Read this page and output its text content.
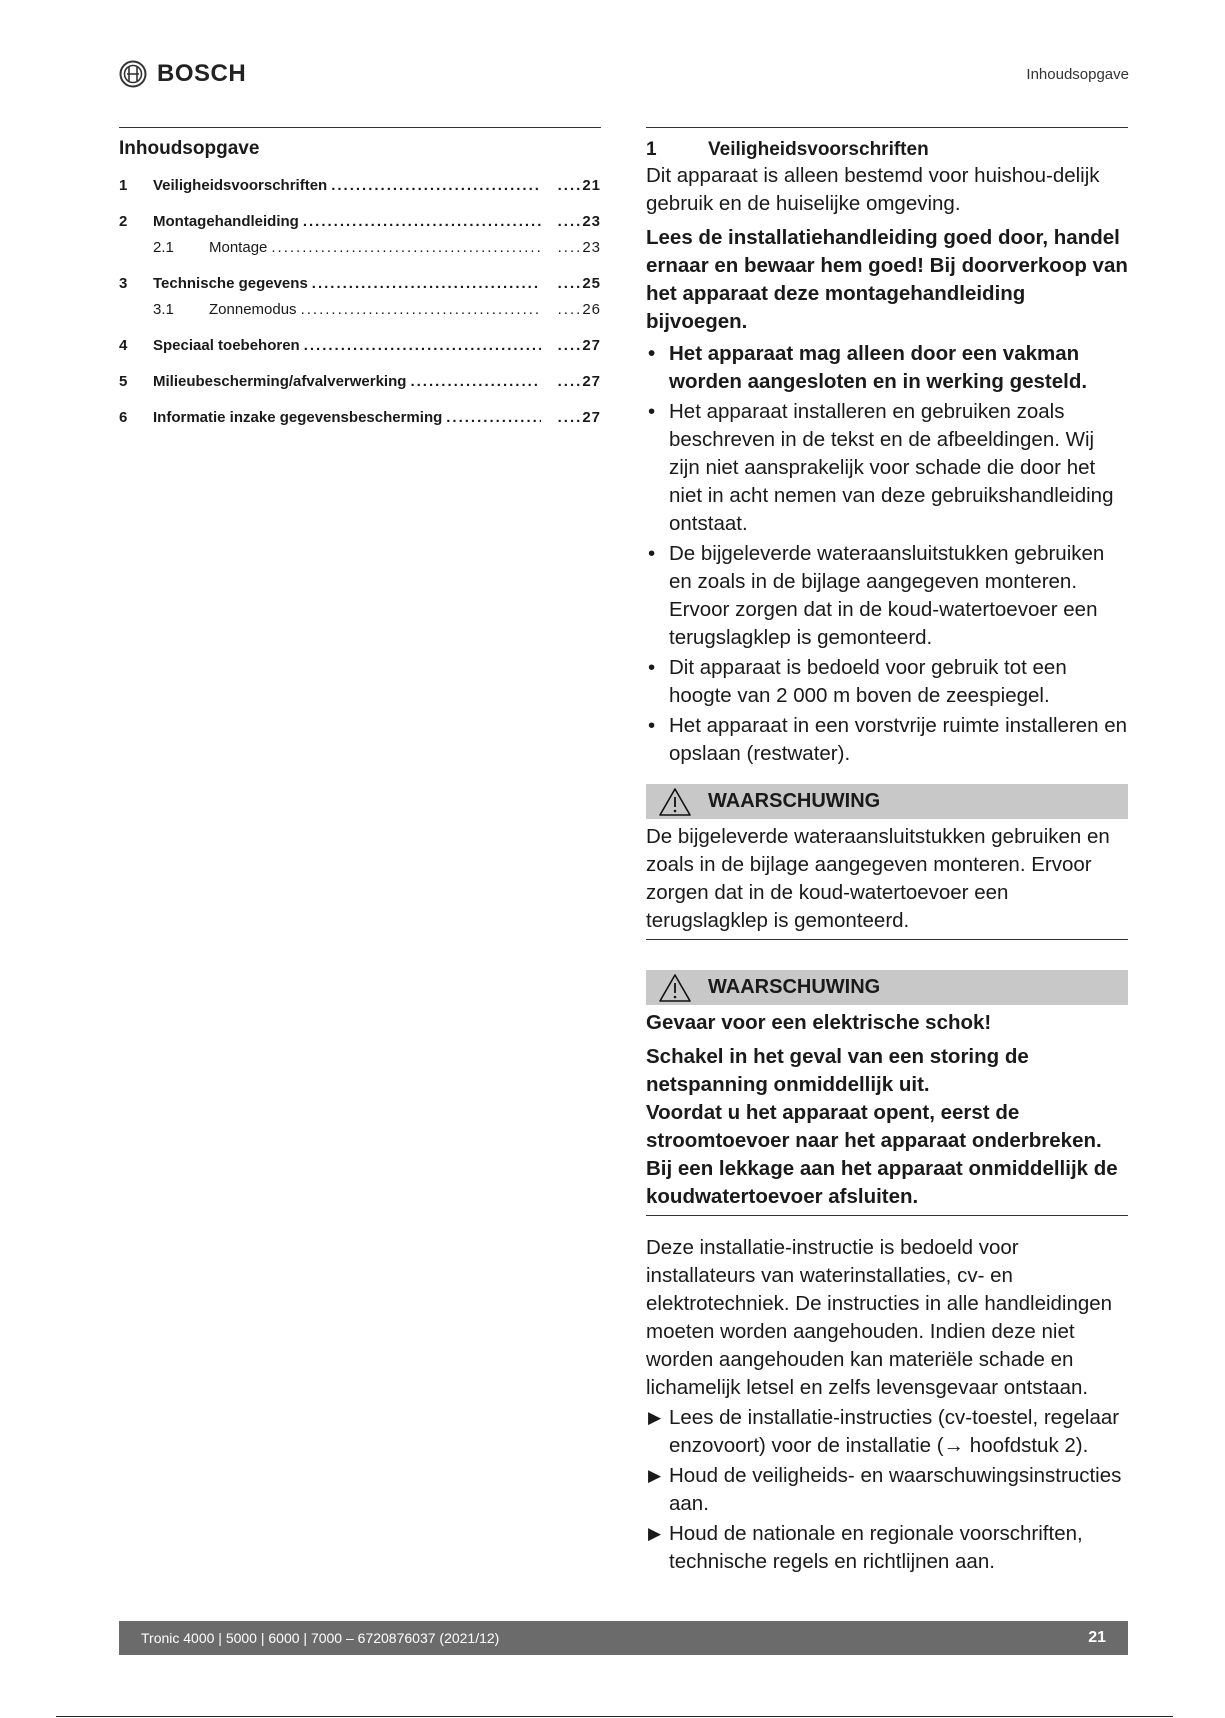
BOSCH	Inhoudsopgave
Inhoudsopgave
1	Veiligheidsvoorschriften .....	.... 21
2	Montagehandleiding .....	.... 23
2.1	Montage .....	.... 23
3	Technische gegevens .....	.... 25
3.1	Zonnemodus .....	.... 26
4	Speciaal toebehoren .....	.... 27
5	Milieubescherming/afvalverwerking .....	.... 27
6	Informatie inzake gegevensbescherming .....	.... 27
1	Veiligheidsvoorschriften

Dit apparaat is alleen bestemd voor huishou-delijk gebruik en de huiselijke omgeving.

Lees de installatiehandleiding goed door, handel ernaar en bewaar hem goed! Bij doorverkoop van het apparaat deze montagehandleiding bijvoegen.

• Het apparaat mag alleen door een vakman worden aangesloten en in werking gesteld.
• Het apparaat installeren en gebruiken zoals beschreven in de tekst en de afbeeldingen. Wij zijn niet aansprakelijk voor schade die door het niet in acht nemen van deze gebruikshandleiding ontstaat.
• De bijgeleverde wateraansluitstukken gebruiken en zoals in de bijlage aangegeven monteren. Ervoor zorgen dat in de koud-watertoevoer een terugslagklep is gemonteerd.
• Dit apparaat is bedoeld voor gebruik tot een hoogte van 2 000 m boven de zeespiegel.
• Het apparaat in een vorstvrije ruimte installeren en opslaan (restwater).
WAARSCHUWING

De bijgeleverde wateraansluitstukken gebruiken en zoals in de bijlage aangegeven monteren. Ervoor zorgen dat in de koud-watertoevoer een terugslagklep is gemonteerd.

WAARSCHUWING

Gevaar voor een elektrische schok!

Schakel in het geval van een storing de netspanning onmiddellijk uit.

Voordat u het apparaat opent, eerst de stroomtoevoer naar het apparaat onderbreken.

Bij een lekkage aan het apparaat onmiddellijk de koudwatertoevoer afsluiten.

Deze installatie-instructie is bedoeld voor installateurs van waterinstallaties, cv- en elektrotechniek. De instructies in alle handleidingen moeten worden aangehouden. Indien deze niet worden aangehouden kan materiële schade en lichamelijk letsel en zelfs levensgevaar ontstaan.

▶ Lees de installatie-instructies (cv-toestel, regelaar enzovoort) voor de installatie (→ hoofdstuk 2).
▶ Houd de veiligheids- en waarschuwingsinstructies aan.
▶ Houd de nationale en regionale voorschriften, technische regels en richtlijnen aan.
Tronic 4000 | 5000 | 6000 | 7000 – 6720876037 (2021/12)	21
